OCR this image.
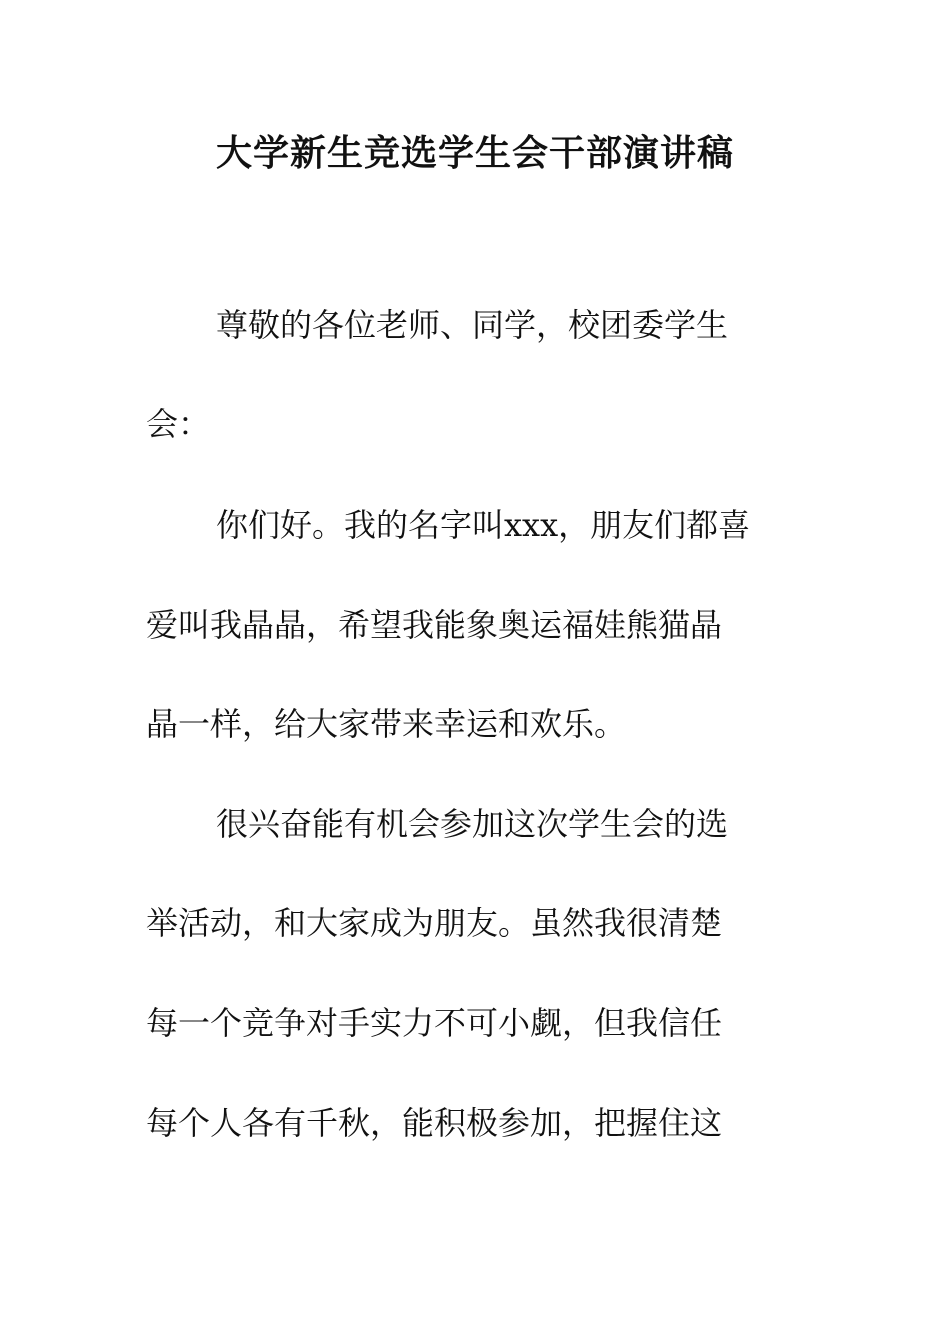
大学新生竞选学生会干部演讲稿

尊敬的各位老师、同学，校团委学生

会：

你们好。我的名字叫xxx，朋友们都喜

爱叫我晶晶，希望我能象奥运福娃熊猫晶

晶一样，给大家带来幸运和欢乐。

很兴奋能有机会参加这次学生会的选

举活动，和大家成为朋友。虽然我很清楚

每一个竞争对手实力不可小觑，但我信任

每个人各有千秋，能积极参加，把握住这
